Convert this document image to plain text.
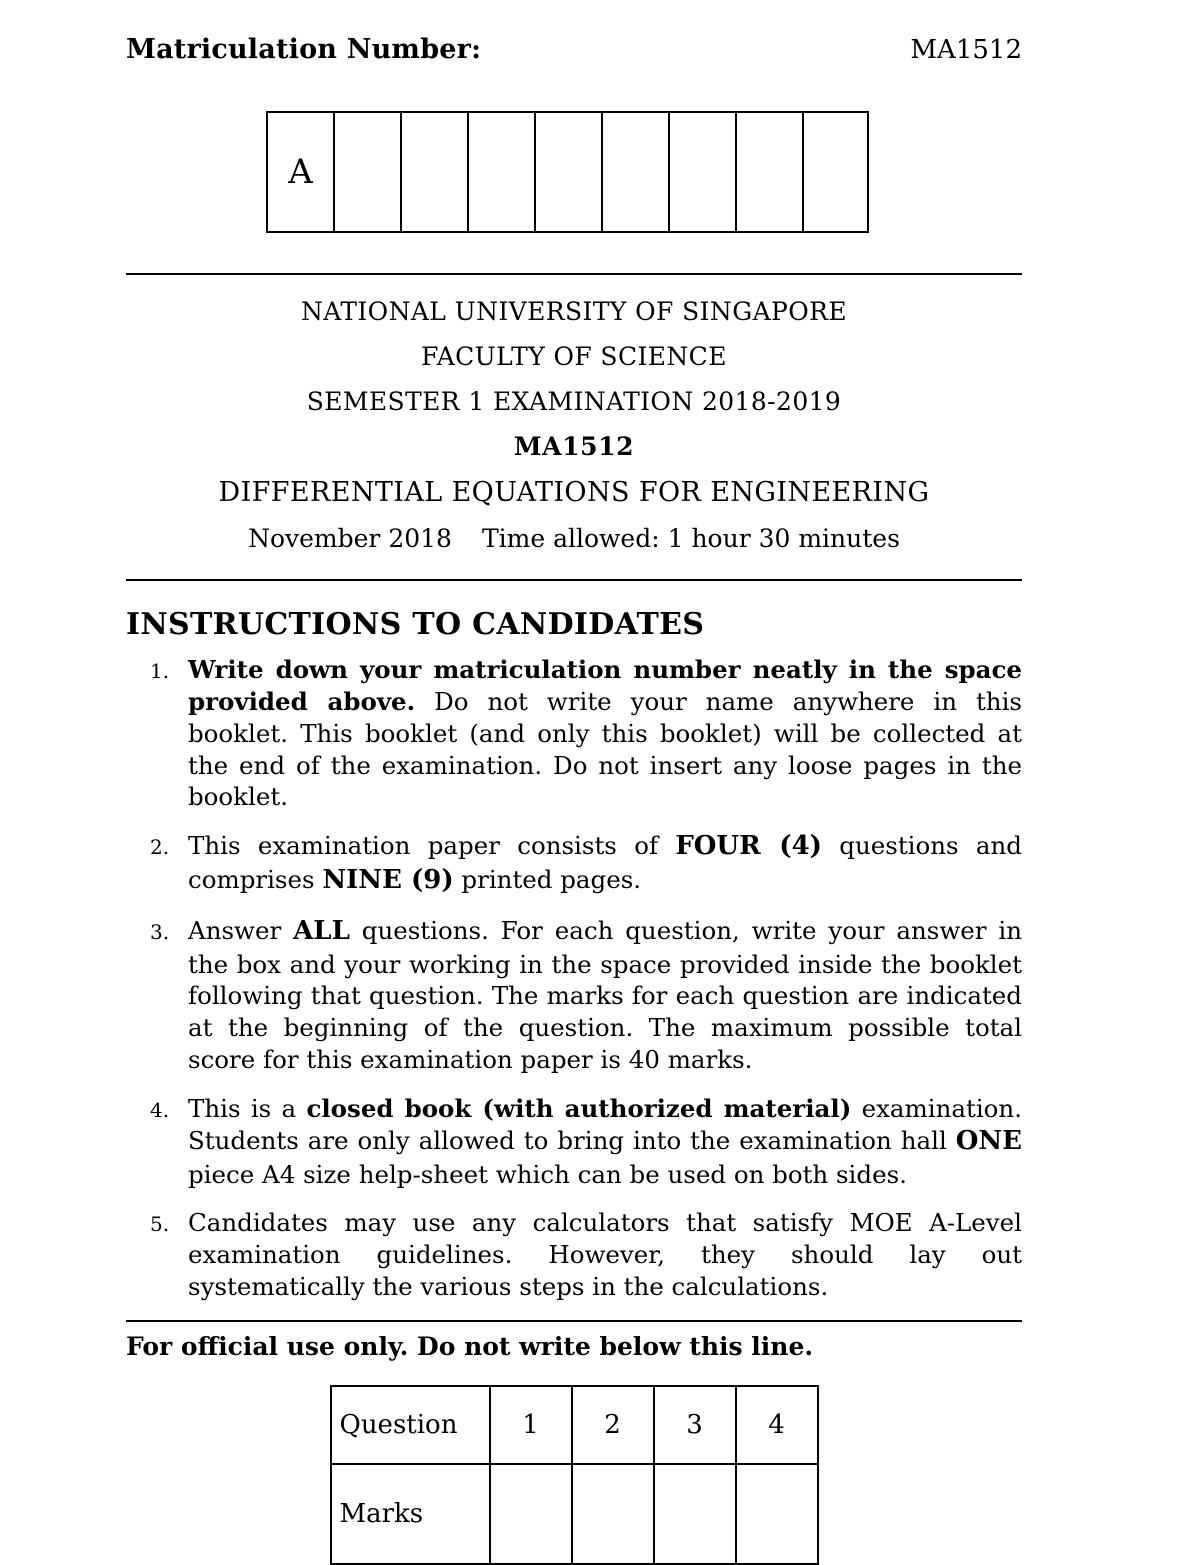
Matriculation Number:	MA1512
A
NATIONAL UNIVERSITY OF SINGAPORE
FACULTY OF SCIENCE
SEMESTER 1 EXAMINATION 2018-2019
MA1512
DIFFERENTIAL EQUATIONS FOR ENGINEERING
November 2018 Time allowed: 1 hour 30 minutes
INSTRUCTIONS TO CANDIDATES
Write down your matriculation number neatly in the space provided above. Do not write your name anywhere in this booklet. This booklet (and only this booklet) will be collected at the end of the examination. Do not insert any loose pages in the booklet.
This examination paper consists of FOUR (4) questions and comprises NINE (9) printed pages.
Answer ALL questions. For each question, write your answer in the box and your working in the space provided inside the booklet following that question. The marks for each question are indicated at the beginning of the question. The maximum possible total score for this examination paper is 40 marks.
This is a closed book (with authorized material) examination. Students are only allowed to bring into the examination hall ONE piece A4 size help-sheet which can be used on both sides.
Candidates may use any calculators that satisfy MOE A-Level examination guidelines. However, they should lay out systematically the various steps in the calculations.
For official use only. Do not write below this line.
Question	1	2	3	4
Marks				
